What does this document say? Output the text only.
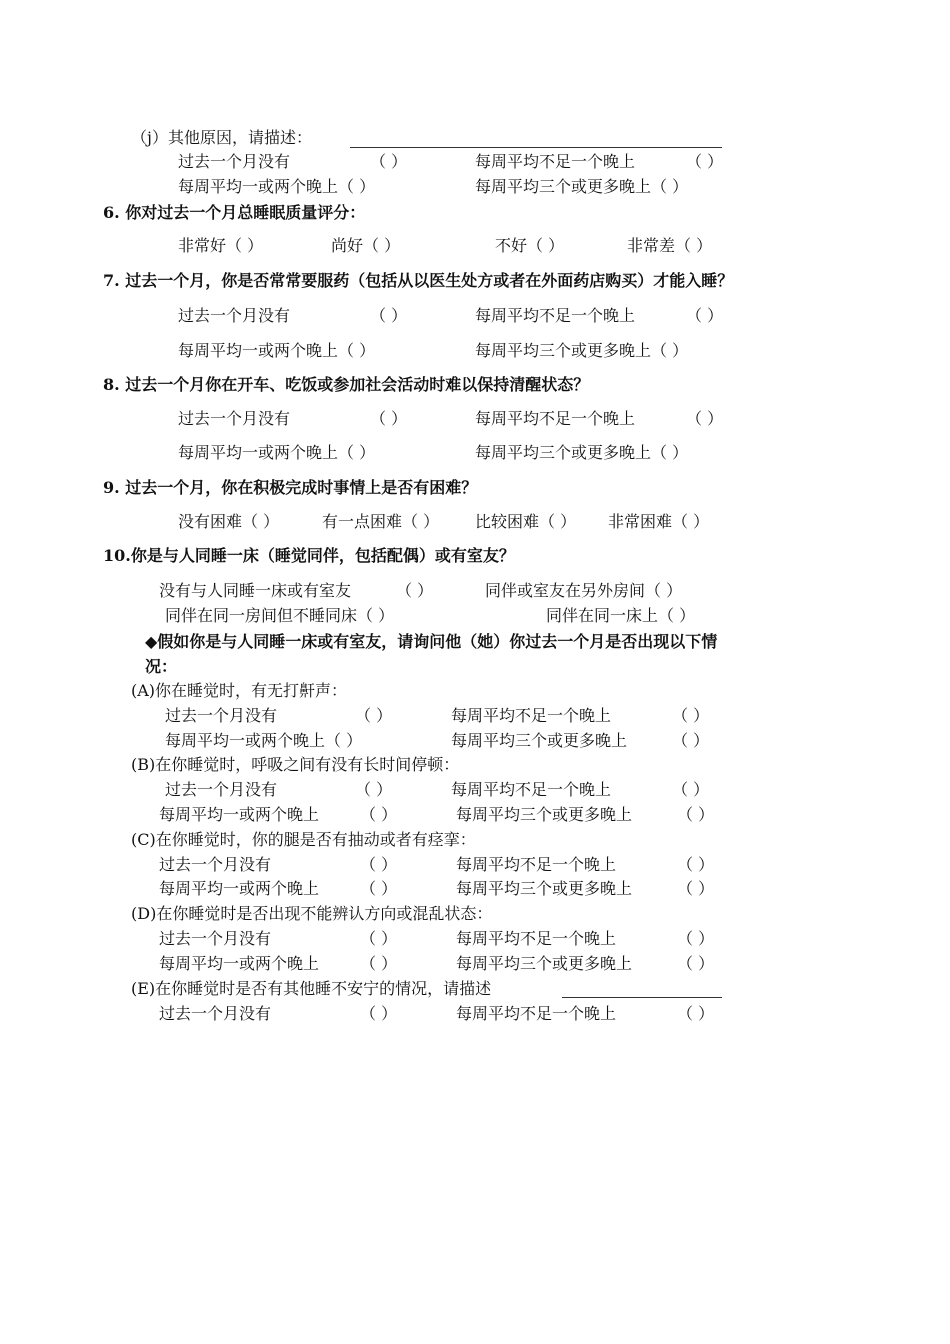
（j）其他原因，请描述：
过去一个月没有	（ ）	每周平均不足一个晚上	（ ）
每周平均一或两个晚上（ ）	每周平均三个或更多晚上（ ）
6. 你对过去一个月总睡眠质量评分：
非常好（ ）	尚好（ ）	不好（ ）	非常差（ ）
7. 过去一个月，你是否常常要服药（包括从以医生处方或者在外面药店购买）才能入睡？
过去一个月没有	（ ）	每周平均不足一个晚上	（ ）
每周平均一或两个晚上（ ）	每周平均三个或更多晚上（ ）
8. 过去一个月你在开车、吃饭或参加社会活动时难以保持清醒状态？
过去一个月没有	（ ）	每周平均不足一个晚上	（ ）
每周平均一或两个晚上（ ）	每周平均三个或更多晚上（ ）
9. 过去一个月，你在积极完成时事情上是否有困难？
没有困难（ ）	有一点困难（ ） 比较困难（ ） 非常困难（ ）
10.你是与人同睡一床（睡觉同伴，包括配偶）或有室友？
没有与人同睡一床或有室友	（ ）	同伴或室友在另外房间（ ）
同伴在同一房间但不睡同床（ ）	同伴在同一床上（ ）
◆假如你是与人同睡一床或有室友，请询问他（她）你过去一个月是否出现以下情
况：
(A)你在睡觉时，有无打鼾声：
过去一个月没有	（ ）	每周平均不足一个晚上	（ ）
每周平均一或两个晚上（ ）	每周平均三个或更多晚上	（ ）
(B)在你睡觉时，呼吸之间有没有长时间停顿：
过去一个月没有	（ ）	每周平均不足一个晚上	（ ）
每周平均一或两个晚上	（ ）	每周平均三个或更多晚上	（ ）
(C)在你睡觉时，你的腿是否有抽动或者有痉挛：
过去一个月没有	（ ）	每周平均不足一个晚上	（ ）
每周平均一或两个晚上	（ ）	每周平均三个或更多晚上	（ ）
(D)在你睡觉时是否出现不能辨认方向或混乱状态：
过去一个月没有	（ ）	每周平均不足一个晚上	（ ）
每周平均一或两个晚上	（ ）	每周平均三个或更多晚上	（ ）
(E)在你睡觉时是否有其他睡不安宁的情况，请描述
过去一个月没有	（ ）	每周平均不足一个晚上	（ ）
